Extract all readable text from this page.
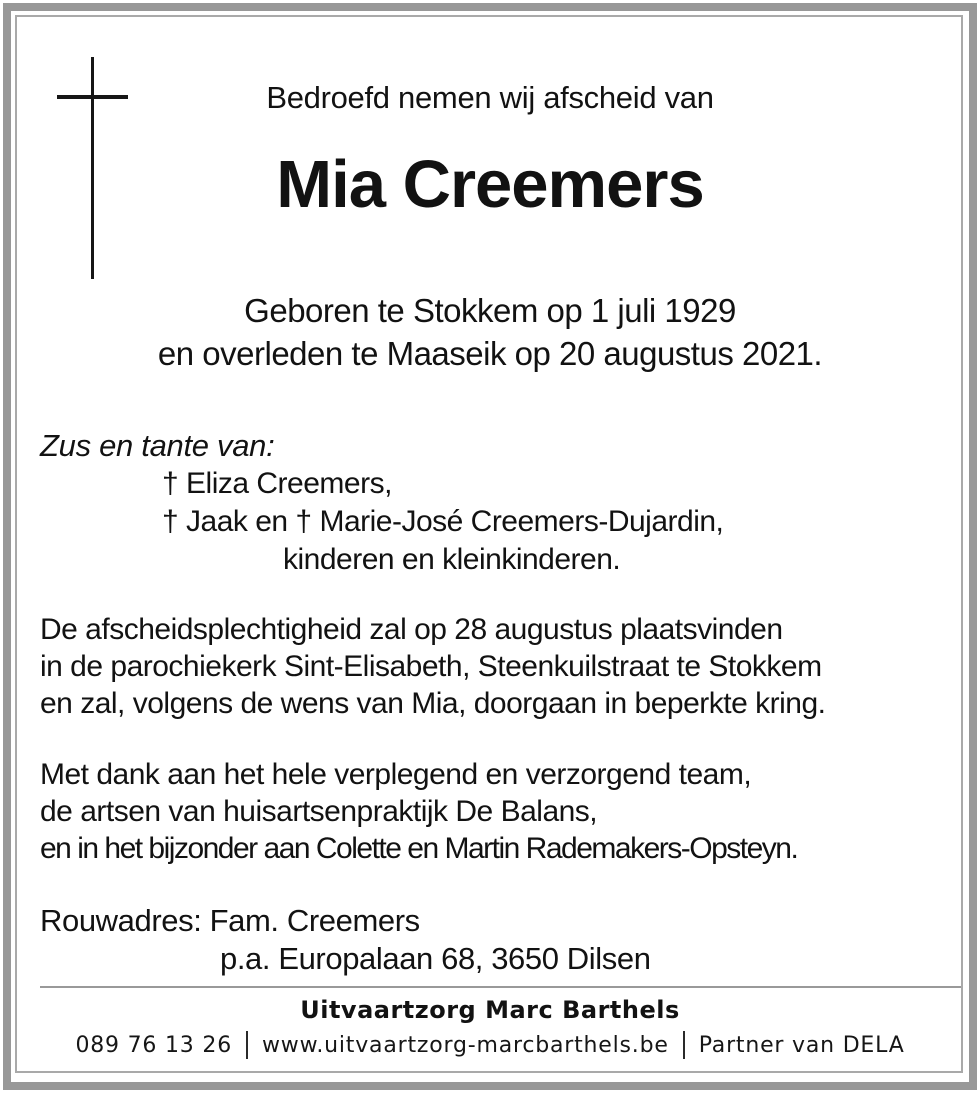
Bedroefd nemen wij afscheid van
Mia Creemers
Geboren te Stokkem op 1 juli 1929
en overleden te Maaseik op 20 augustus 2021.
Zus en tante van:
† Eliza Creemers,
† Jaak en † Marie-José Creemers-Dujardin,
kinderen en kleinkinderen.
De afscheidsplechtigheid zal op 28 augustus plaatsvinden
in de parochiekerk Sint-Elisabeth, Steenkuilstraat te Stokkem
en zal, volgens de wens van Mia, doorgaan in beperkte kring.
Met dank aan het hele verplegend en verzorgend team,
de artsen van huisartsenpraktijk De Balans,
en in het bijzonder aan Colette en Martin Rademakers-Opsteyn.
Rouwadres: Fam. Creemers
p.a. Europalaan 68, 3650 Dilsen
Uitvaartzorg Marc Barthels
089 76 13 26 www.uitvaartzorg-marcbarthels.be Partner van DELA
